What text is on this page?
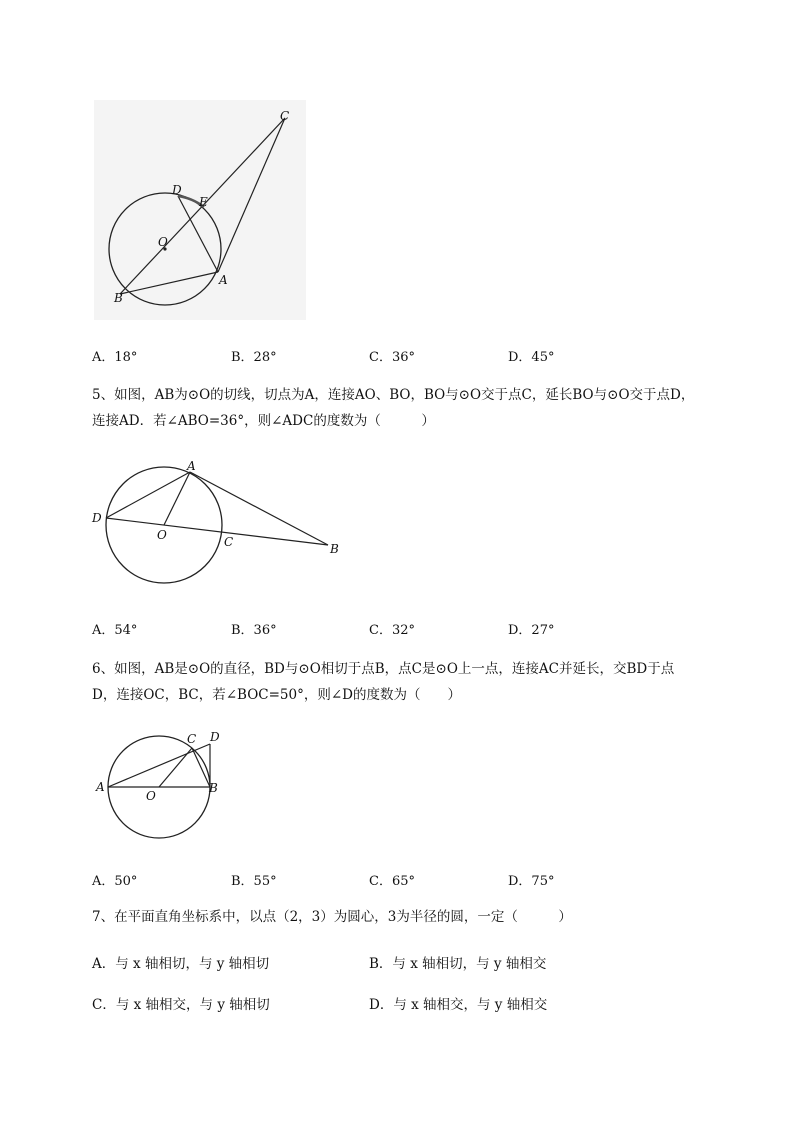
C
D
E
O
A
B
A．18°	B．28°	C．36°	D．45°
5、如图，AB为⊙O的切线，切点为A，连接AO、BO，BO与⊙O交于点C，延长BO与⊙O交于点D，
连接AD．若∠ABO=36°，则∠ADC的度数为（　　　）
A
D
O	C	B
A．54°	B．36°	C．32°	D．27°
6、如图，AB是⊙O的直径，BD与⊙O相切于点B，点C是⊙O上一点，连接AC并延长，交BD于点
D，连接OC，BC，若∠BOC=50°，则∠D的度数为（　　）
C D
A
O
B
A．50°	B．55°	C．65°	D．75°
7、在平面直角坐标系中，以点（2，3）为圆心，3为半径的圆，一定（　　　）
A．与 x 轴相切，与 y 轴相切	B．与 x 轴相切，与 y 轴相交
C．与 x 轴相交，与 y 轴相切	D．与 x 轴相交，与 y 轴相交
